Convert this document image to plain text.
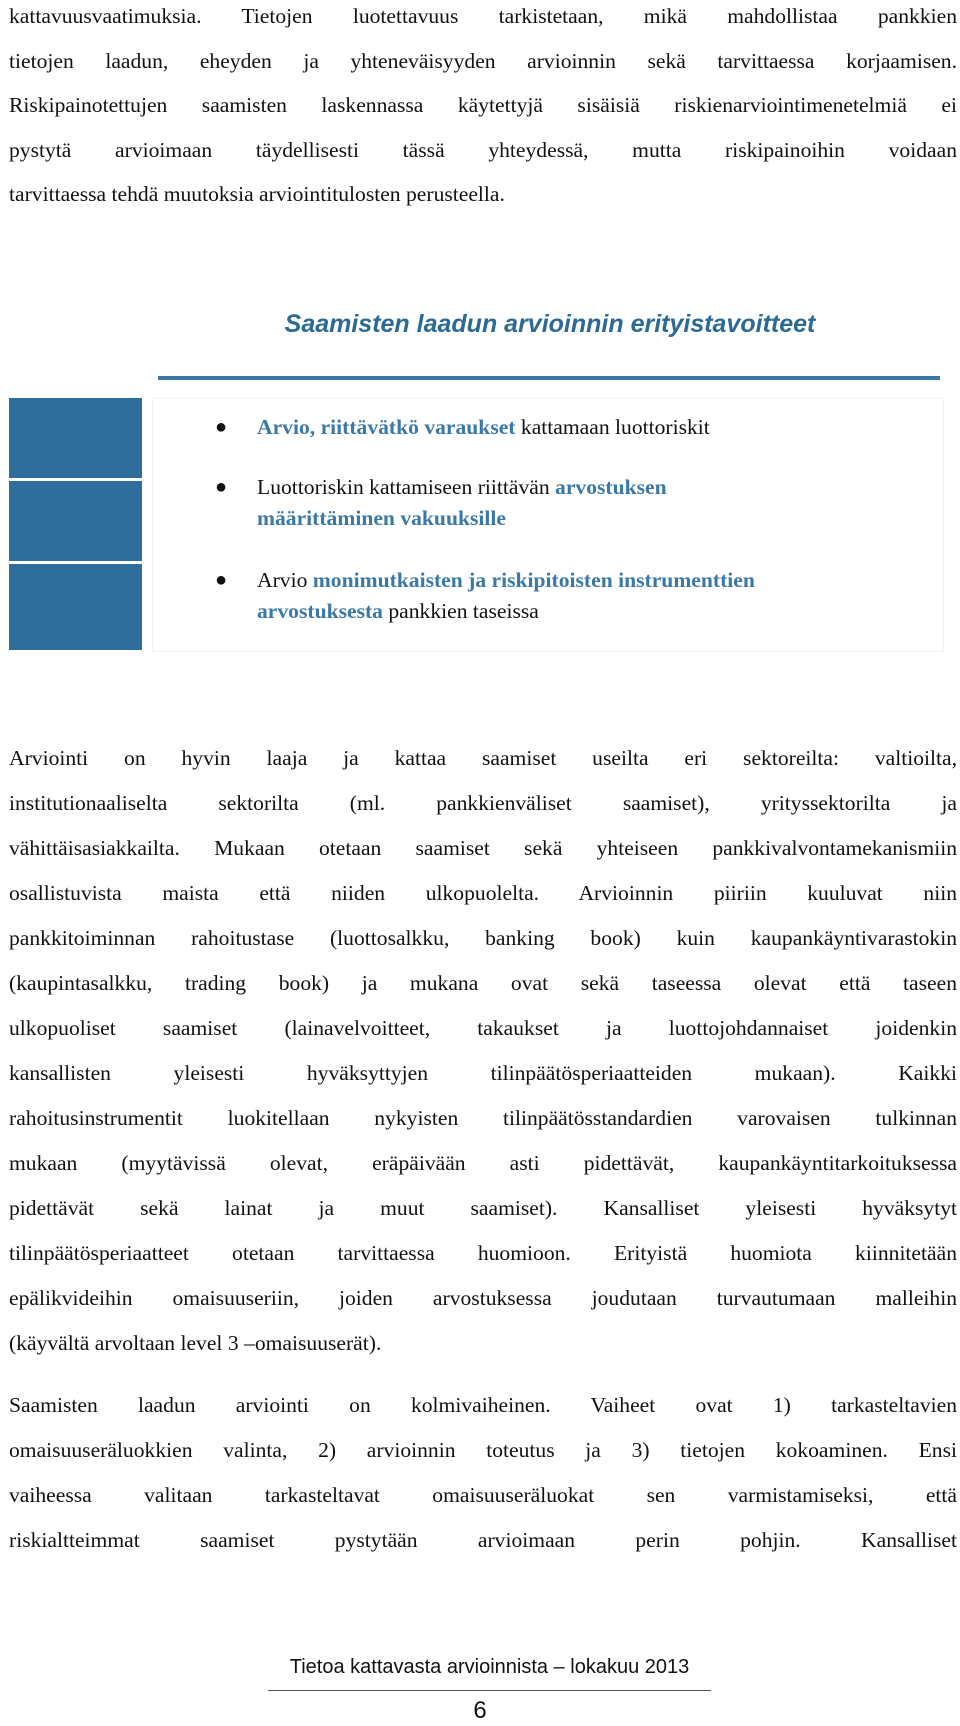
kattavuusvaatimuksia. Tietojen luotettavuus tarkistetaan, mikä mahdollistaa pankkien
tietojen laadun, eheyden ja yhteneväisyyden arvioinnin sekä tarvittaessa korjaamisen.
Riskipainotettujen saamisten laskennassa käytettyjä sisäisiä riskienarviointimenetelmiä ei
pystytä arvioimaan täydellisesti tässä yhteydessä, mutta riskipainoihin voidaan
tarvittaessa tehdä muutoksia arviointitulosten perusteella.
Saamisten laadun arvioinnin erityistavoitteet
● Arvio, riittävätkö varaukset kattamaan luottoriskit
● Luottoriskin kattamiseen riittävän arvostuksen
määrittäminen vakuuksille
● Arvio monimutkaisten ja riskipitoisten instrumenttien
arvostuksesta pankkien taseissa
Arviointi on hyvin laaja ja kattaa saamiset useilta eri sektoreilta: valtioilta,
institutionaaliselta sektorilta (ml. pankkienväliset saamiset), yrityssektorilta ja
vähittäisasiakkailta. Mukaan otetaan saamiset sekä yhteiseen pankkivalvontamekanismiin
osallistuvista maista että niiden ulkopuolelta. Arvioinnin piiriin kuuluvat niin
pankkitoiminnan rahoitustase (luottosalkku, banking book) kuin kaupankäyntivarastokin
(kaupintasalkku, trading book) ja mukana ovat sekä taseessa olevat että taseen
ulkopuoliset saamiset (lainavelvoitteet, takaukset ja luottojohdannaiset joidenkin
kansallisten yleisesti hyväksyttyjen tilinpäätösperiaatteiden mukaan). Kaikki
rahoitusinstrumentit luokitellaan nykyisten tilinpäätösstandardien varovaisen tulkinnan
mukaan (myytävissä olevat, eräpäivään asti pidettävät, kaupankäyntitarkoituksessa
pidettävät sekä lainat ja muut saamiset). Kansalliset yleisesti hyväksytyt
tilinpäätösperiaatteet otetaan tarvittaessa huomioon. Erityistä huomiota kiinnitetään
epälikvideihin omaisuuseriin, joiden arvostuksessa joudutaan turvautumaan malleihin
(käyvältä arvoltaan level 3 –omaisuuserät).
Saamisten laadun arviointi on kolmivaiheinen. Vaiheet ovat 1) tarkasteltavien
omaisuuseräluokkien valinta, 2) arvioinnin toteutus ja 3) tietojen kokoaminen. Ensi
vaiheessa valitaan tarkasteltavat omaisuuseräluokat sen varmistamiseksi, että
riskialtteimmat saamiset pystytään arvioimaan perin pohjin. Kansalliset
Tietoa kattavasta arvioinnista – lokakuu 2013
6
